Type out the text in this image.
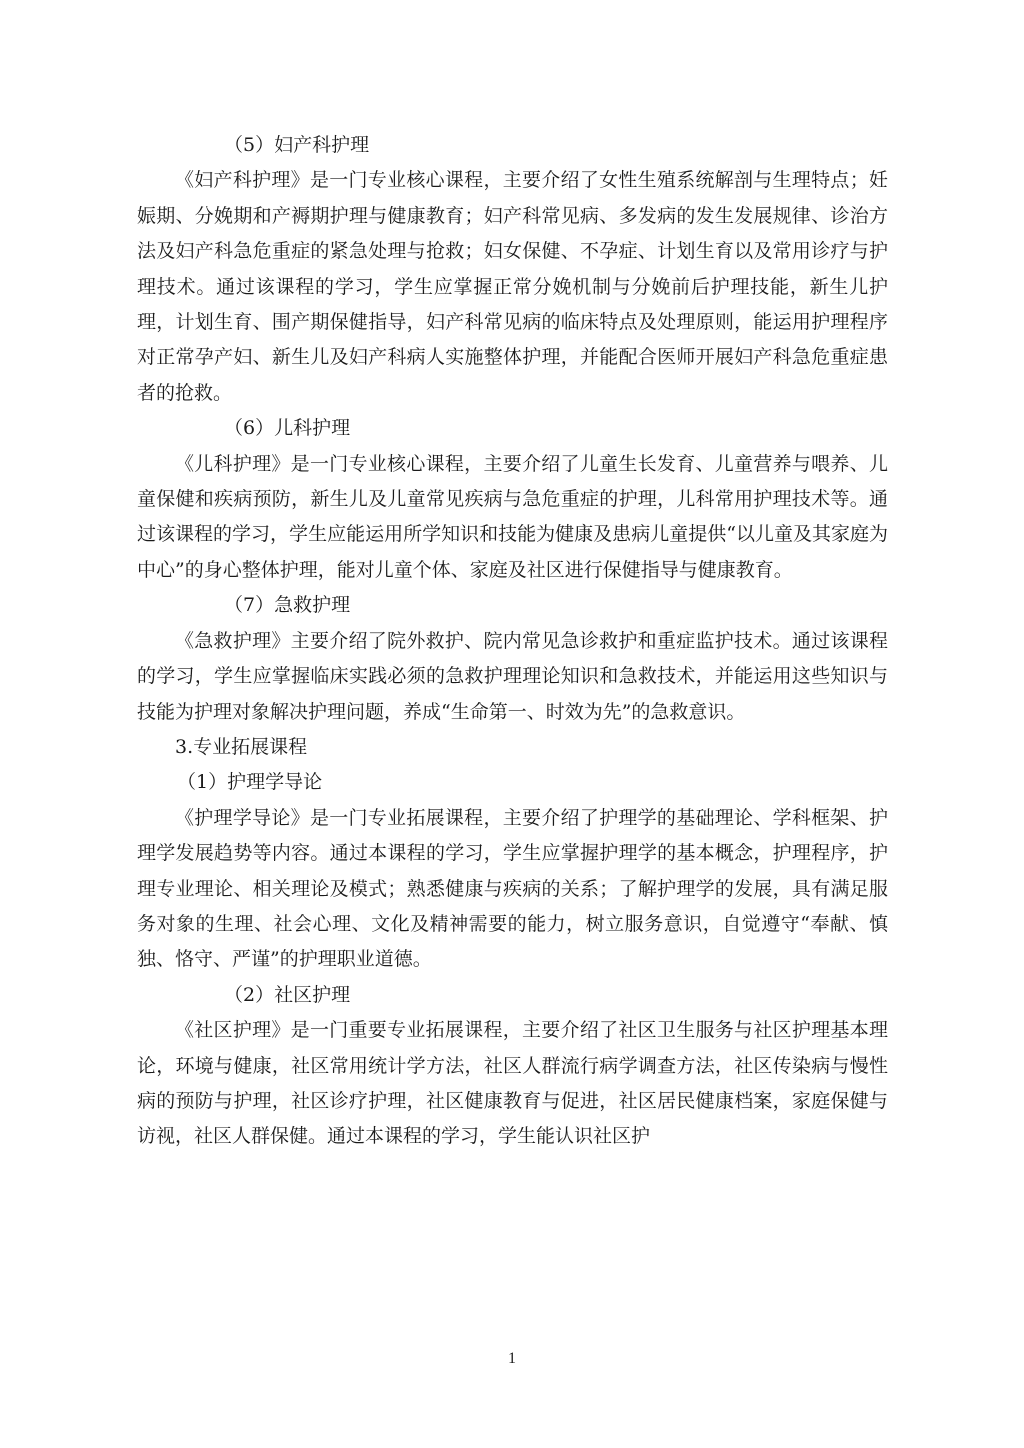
（5）妇产科护理
《妇产科护理》是一门专业核心课程，主要介绍了女性生殖系统解剖与生理特点；妊娠期、分娩期和产褥期护理与健康教育；妇产科常见病、多发病的发生发展规律、诊治方法及妇产科急危重症的紧急处理与抢救；妇女保健、不孕症、计划生育以及常用诊疗与护理技术。通过该课程的学习，学生应掌握正常分娩机制与分娩前后护理技能，新生儿护理，计划生育、围产期保健指导，妇产科常见病的临床特点及处理原则，能运用护理程序对正常孕产妇、新生儿及妇产科病人实施整体护理，并能配合医师开展妇产科急危重症患者的抢救。
（6）儿科护理
《儿科护理》是一门专业核心课程，主要介绍了儿童生长发育、儿童营养与喂养、儿童保健和疾病预防，新生儿及儿童常见疾病与急危重症的护理，儿科常用护理技术等。通过该课程的学习，学生应能运用所学知识和技能为健康及患病儿童提供“以儿童及其家庭为中心”的身心整体护理，能对儿童个体、家庭及社区进行保健指导与健康教育。
（7）急救护理
《急救护理》主要介绍了院外救护、院内常见急诊救护和重症监护技术。通过该课程的学习，学生应掌握临床实践必须的急救护理理论知识和急救技术，并能运用这些知识与技能为护理对象解决护理问题，养成“生命第一、时效为先”的急救意识。
3.专业拓展课程
（1）护理学导论
《护理学导论》是一门专业拓展课程，主要介绍了护理学的基础理论、学科框架、护理学发展趋势等内容。通过本课程的学习，学生应掌握护理学的基本概念，护理程序，护理专业理论、相关理论及模式；熟悉健康与疾病的关系；了解护理学的发展，具有满足服务对象的生理、社会心理、文化及精神需要的能力，树立服务意识，自觉遵守“奉献、慎独、恪守、严谨”的护理职业道德。
（2）社区护理
《社区护理》是一门重要专业拓展课程，主要介绍了社区卫生服务与社区护理基本理论，环境与健康，社区常用统计学方法，社区人群流行病学调查方法，社区传染病与慢性病的预防与护理，社区诊疗护理，社区健康教育与促进，社区居民健康档案，家庭保健与访视，社区人群保健。通过本课程的学习，学生能认识社区护
1
